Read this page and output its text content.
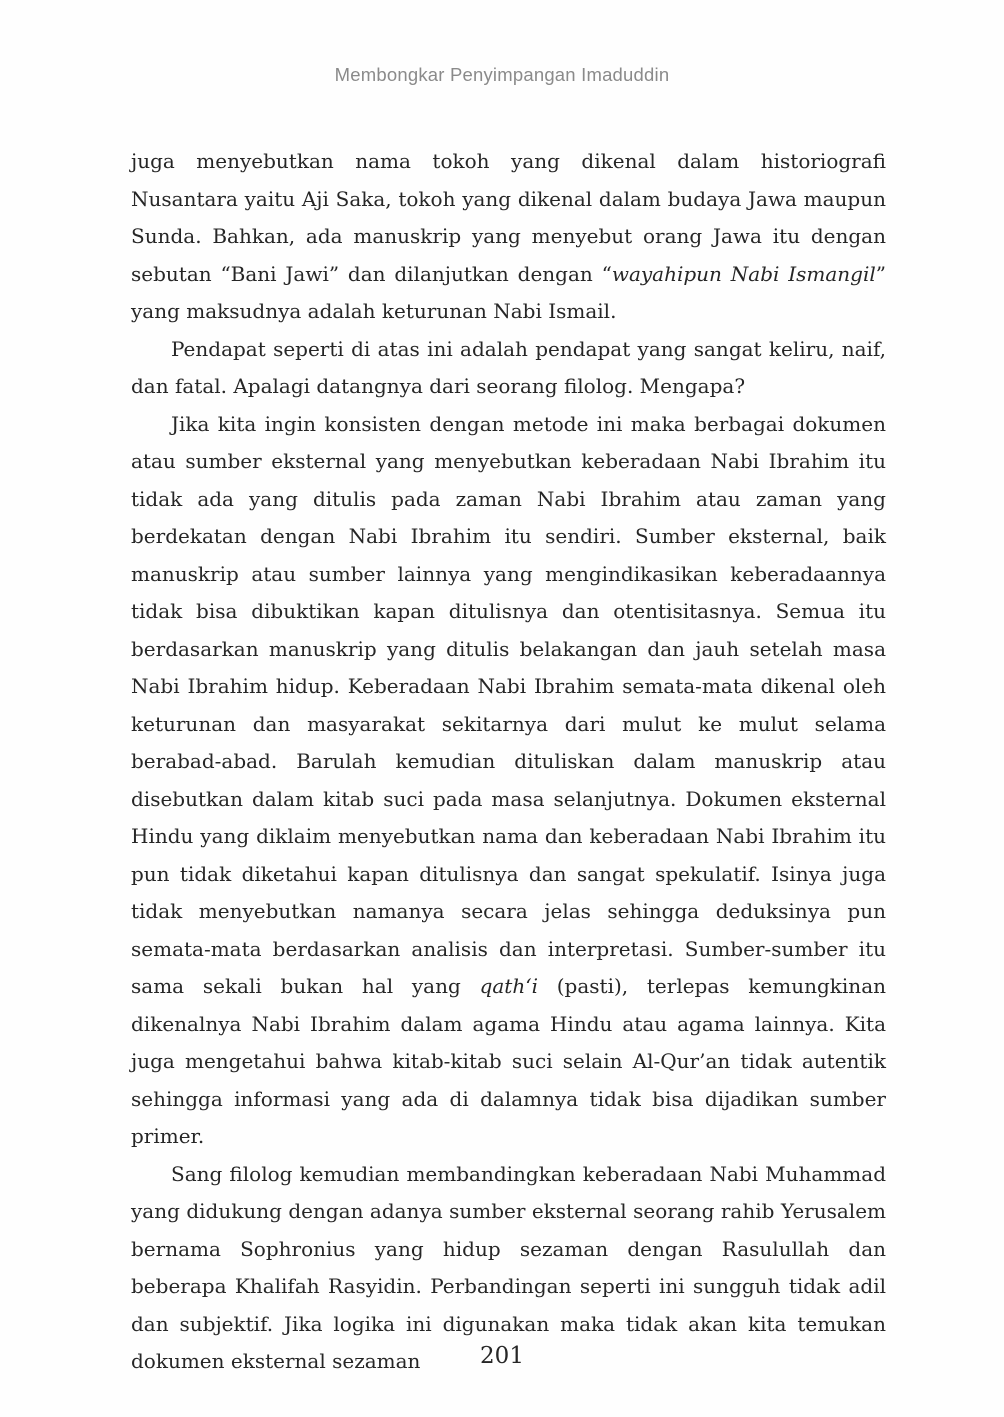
Membongkar Penyimpangan Imaduddin

juga menyebutkan nama tokoh yang dikenal dalam historiografi Nusantara yaitu Aji Saka, tokoh yang dikenal dalam budaya Jawa maupun Sunda. Bahkan, ada manuskrip yang menyebut orang Jawa itu dengan sebutan “Bani Jawi” dan dilanjutkan dengan “wayahipun Nabi Ismangil” yang maksudnya adalah keturunan Nabi Ismail.

Pendapat seperti di atas ini adalah pendapat yang sangat keliru, naif, dan fatal. Apalagi datangnya dari seorang filolog. Mengapa?

Jika kita ingin konsisten dengan metode ini maka berbagai dokumen atau sumber eksternal yang menyebutkan keberadaan Nabi Ibrahim itu tidak ada yang ditulis pada zaman Nabi Ibrahim atau zaman yang berdekatan dengan Nabi Ibrahim itu sendiri. Sumber eksternal, baik manuskrip atau sumber lainnya yang mengindikasikan keberadaannya tidak bisa dibuktikan kapan ditulisnya dan otentisitasnya. Semua itu berdasarkan manuskrip yang ditulis belakangan dan jauh setelah masa Nabi Ibrahim hidup. Keberadaan Nabi Ibrahim semata-mata dikenal oleh keturunan dan masyarakat sekitarnya dari mulut ke mulut selama berabad-abad. Barulah kemudian dituliskan dalam manuskrip atau disebutkan dalam kitab suci pada masa selanjutnya. Dokumen eksternal Hindu yang diklaim menyebutkan nama dan keberadaan Nabi Ibrahim itu pun tidak diketahui kapan ditulisnya dan sangat spekulatif. Isinya juga tidak menyebutkan namanya secara jelas sehingga deduksinya pun semata-mata berdasarkan analisis dan interpretasi. Sumber-sumber itu sama sekali bukan hal yang qath‘i (pasti), terlepas kemungkinan dikenalnya Nabi Ibrahim dalam agama Hindu atau agama lainnya. Kita juga mengetahui bahwa kitab-kitab suci selain Al-Qur’an tidak autentik sehingga informasi yang ada di dalamnya tidak bisa dijadikan sumber primer.

Sang filolog kemudian membandingkan keberadaan Nabi Muhammad yang didukung dengan adanya sumber eksternal seorang rahib Yerusalem bernama Sophronius yang hidup sezaman dengan Rasulullah dan beberapa Khalifah Rasyidin. Perbandingan seperti ini sungguh tidak adil dan subjektif. Jika logika ini digunakan maka tidak akan kita temukan dokumen eksternal sezaman	201
